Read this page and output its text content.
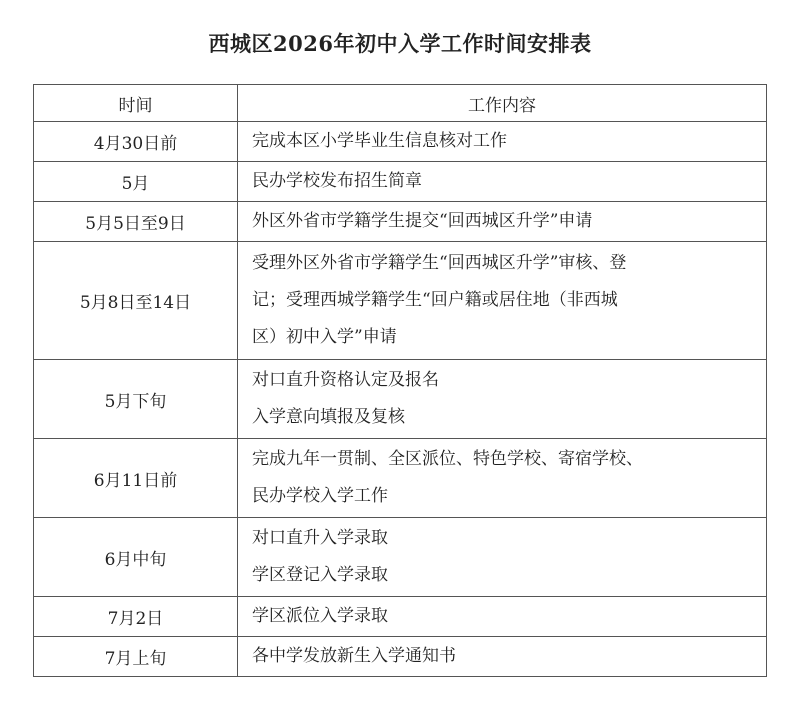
西城区2026年初中入学工作时间安排表
时间	工作内容
4月30日前	完成本区小学毕业生信息核对工作

5月	民办学校发布招生简章

5月5日至9日	外区外省市学籍学生提交“回西城区升学”申请

5月8日至14日	受理外区外省市学籍学生“回西城区升学”审核、登
记；受理西城学籍学生“回户籍或居住地（非西城
区）初中入学”申请

5月下旬	对口直升资格认定及报名
入学意向填报及复核

6月11日前	完成九年一贯制、全区派位、特色学校、寄宿学校、
民办学校入学工作

6月中旬	对口直升入学录取
学区登记入学录取

7月2日	学区派位入学录取

7月上旬	各中学发放新生入学通知书
